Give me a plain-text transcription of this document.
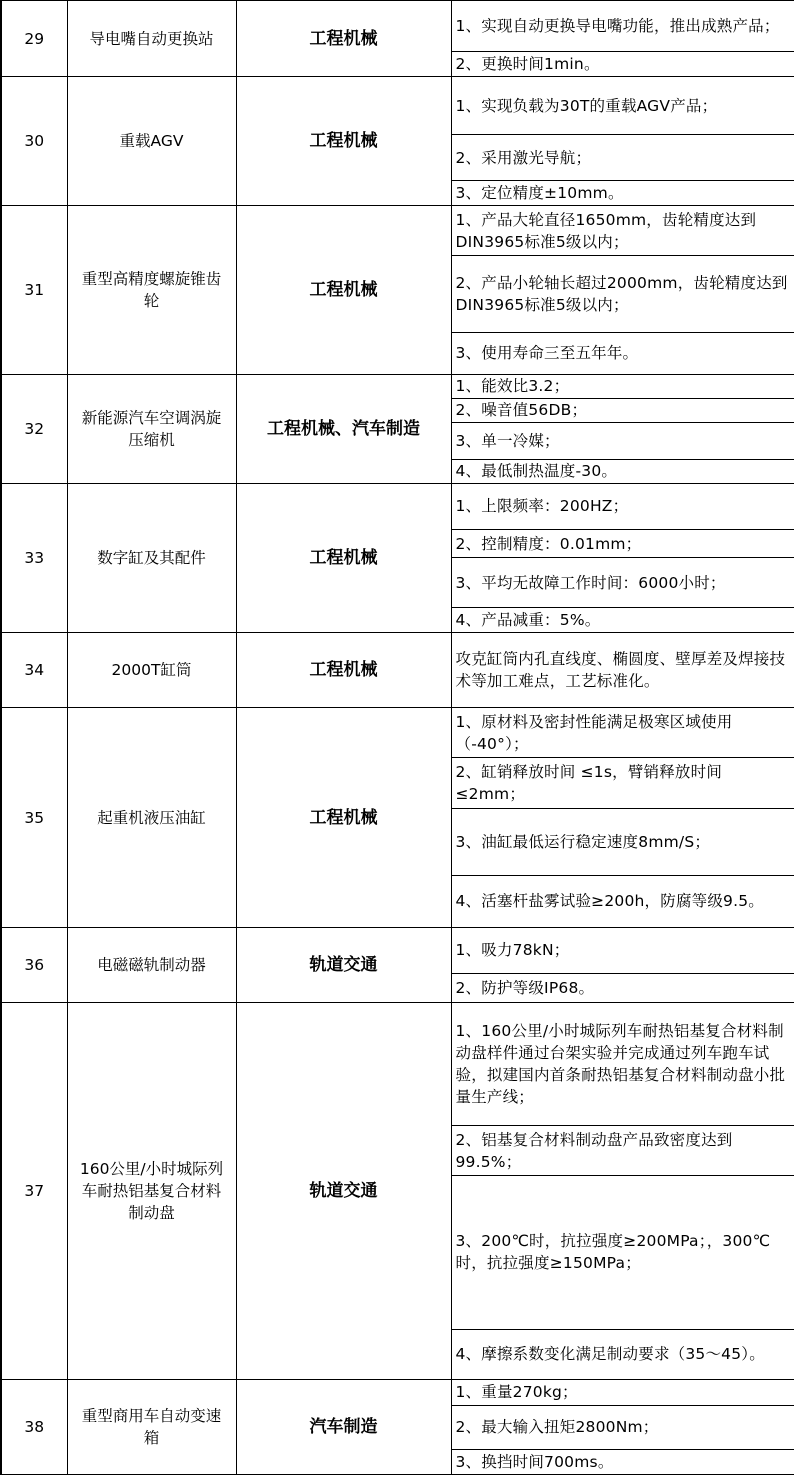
29	导电嘴自动更换站	工程机械	1、实现自动更换导电嘴功能，推出成熟产品；
			2、更换时间1min。
30	重载AGV	工程机械	1、实现负载为30T的重载AGV产品；
			2、采用激光导航；
			3、定位精度±10mm。
31	重型高精度螺旋锥齿轮	工程机械	1、产品大轮直径1650mm，齿轮精度达到DIN3965标准5级以内；
			2、产品小轮轴长超过2000mm，齿轮精度达到DIN3965标准5级以内；
			3、使用寿命三至五年年。
32	新能源汽车空调涡旋压缩机	工程机械、汽车制造	1、能效比3.2；
			2、噪音值56DB；
			3、单一冷媒；
			4、最低制热温度-30。
33	数字缸及其配件	工程机械	1、上限频率：200HZ；
			2、控制精度：0.01mm；
			3、平均无故障工作时间：6000小时；
			4、产品减重：5%。
34	2000T缸筒	工程机械	攻克缸筒内孔直线度、椭圆度、壁厚差及焊接技术等加工难点，工艺标准化。
35	起重机液压油缸	工程机械	1、原材料及密封性能满足极寒区域使用（-40°）；
			2、缸销释放时间 ≤1s，臂销释放时间≤2mm；
			3、油缸最低运行稳定速度8mm/S；
			4、活塞杆盐雾试验≥200h，防腐等级9.5。
36	电磁磁轨制动器	轨道交通	1、吸力78kN；
			2、防护等级IP68。
37	160公里/小时城际列车耐热铝基复合材料制动盘	轨道交通	1、160公里/小时城际列车耐热铝基复合材料制动盘样件通过台架实验并完成通过列车跑车试验，拟建国内首条耐热铝基复合材料制动盘小批量生产线；
			2、铝基复合材料制动盘产品致密度达到99.5%；
			3、200℃时，抗拉强度≥200MPa；，300℃时，抗拉强度≥150MPa；
			4、摩擦系数变化满足制动要求（35～45）。
38	重型商用车自动变速箱	汽车制造	1、重量270kg；
			2、最大输入扭矩2800Nm；
			3、换挡时间700ms。
